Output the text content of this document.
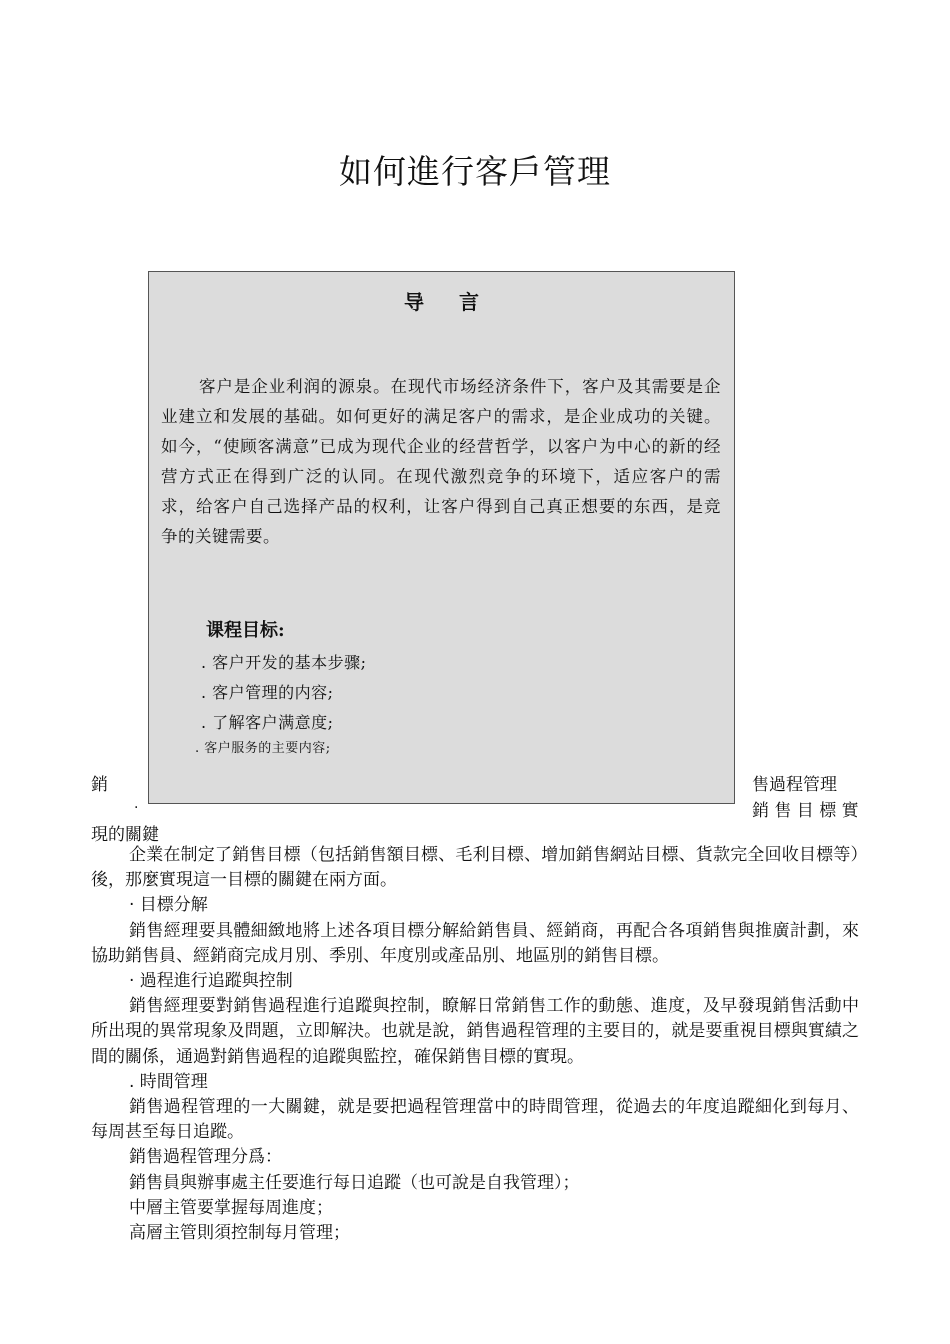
如何進行客戶管理
导 言
客户是企业利润的源泉。在现代市场经济条件下，客户及其需要是企业建立和发展的基础。如何更好的满足客户的需求，是企业成功的关键。如今，“使顾客满意”已成为现代企业的经营哲学，以客户为中心的新的经营方式正在得到广泛的认同。在现代激烈竞争的环境下，适应客户的需求，给客户自己选择产品的权利，让客户得到自己真正想要的东西，是竞争的关键需要。
课程目标:
. 客户开发的基本步骤;
. 客户管理的内容;
. 了解客户满意度;
. 客户服务的主要内容;
銷	售過程管理
.	銷 售 目 標 實
現的關鍵

企業在制定了銷售目標（包括銷售額目標、毛利目標、增加銷售網站目標、貨款完全回收目標等）後，那麼實現這一目標的關鍵在兩方面。

· 目標分解

銷售經理要具體細緻地將上述各項目標分解給銷售員、經銷商，再配合各項銷售與推廣計劃，來協助銷售員、經銷商完成月別、季別、年度別或產品別、地區別的銷售目標。

· 過程進行追蹤與控制

銷售經理要對銷售過程進行追蹤與控制，瞭解日常銷售工作的動態、進度，及早發現銷售活動中所出現的異常現象及問題，立即解決。也就是說，銷售過程管理的主要目的，就是要重視目標與實績之間的關係，通過對銷售過程的追蹤與監控，確保銷售目標的實現。

. 時間管理

銷售過程管理的一大關鍵，就是要把過程管理當中的時間管理，從過去的年度追蹤細化到每月、每周甚至每日追蹤。

銷售過程管理分爲：

銷售員與辦事處主任要進行每日追蹤（也可說是自我管理）；

中層主管要掌握每周進度；

高層主管則須控制每月管理；
